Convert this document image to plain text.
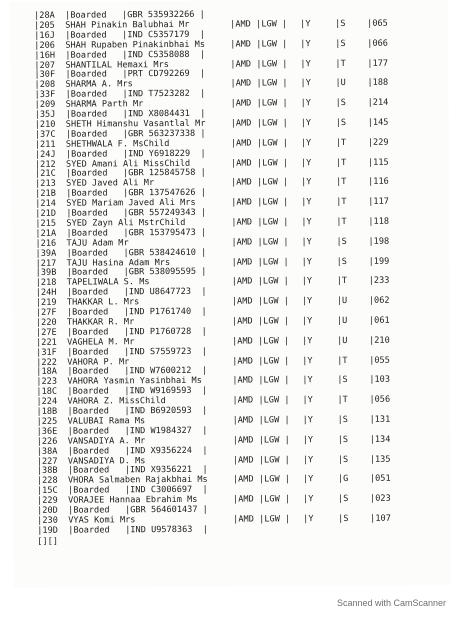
|28A  |Boarded   |GBR 535932266 |
|205  SHAH Pinakin Balubhai Mr	|AMD |LGW | |Y	|S	|065
|16J  |Boarded   |IND C5357179  |
|206  SHAH Rupaben Pinakinbhai Ms	|AMD |LGW | |Y	|S	|066
|16H  |Boarded   |IND C5358088  |
|207  SHANTILAL Hemaxi Mrs	|AMD |LGW | |Y	|T	|177
|30F  |Boarded   |PRT CD792269  |
|208  SHARMA A. Mrs	|AMD |LGW | |Y	|U	|188
|33F  |Boarded   |IND T7523282  |
|209  SHARMA Parth Mr	|AMD |LGW | |Y	|S	|214
|35J  |Boarded   |IND X8084431  |
|210  SHETH Himanshu Vasantlal Mr	|AMD |LGW | |Y	|S	|145
|37C  |Boarded   |GBR 563237338 |
|211  SHETHWALA F. MsChild	|AMD |LGW | |Y	|T	|229
|24J  |Boarded   |IND Y6918229  |
|212  SYED Amani Ali MissChild	|AMD |LGW | |Y	|T	|115
|21C  |Boarded   |GBR 125845758 |
|213  SYED Javed Ali Mr	|AMD |LGW | |Y	|T	|116
|21B  |Boarded   |GBR 137547626 |
|214  SYED Mariam Javed Ali Mrs	|AMD |LGW | |Y	|T	|117
|21D  |Boarded   |GBR 557249343 |
|215  SYED Zayn Ali MstrChild	|AMD |LGW | |Y	|T	|118
|21A  |Boarded   |GBR 153795473 |
|216  TAJU Adam Mr	|AMD |LGW | |Y	|S	|198
|39A  |Boarded   |GBR 538424610 |
|217  TAJU Hasina Adam Mrs	|AMD |LGW | |Y	|S	|199
|39B  |Boarded   |GBR 538095595 |
|218  TAPELIWALA S. Ms	|AMD |LGW | |Y	|T	|233
|24H  |Boarded   |IND U8647723  |
|219  THAKKAR L. Mrs	|AMD |LGW | |Y	|U	|062
|27F  |Boarded   |IND P1761740  |
|220  THAKKAR R. Mr	|AMD |LGW | |Y	|U	|061
|27E  |Boarded   |IND P1760728  |
|221  VAGHELA M. Mr	|AMD |LGW | |Y	|U	|210
|31F  |Boarded   |IND S7559723  |
|222  VAHORA P. Mr	|AMD |LGW | |Y	|T	|055
|18A  |Boarded   |IND W7600212  |
|223  VAHORA Yasmin Yasinbhai Ms	|AMD |LGW | |Y	|S	|103
|18C  |Boarded   |IND W9169593  |
|224  VAHORA Z. MissChild	|AMD |LGW | |Y	|T	|056
|18B  |Boarded   |IND B6920593  |
|225  VALUBAI Rama Ms	|AMD |LGW | |Y	|S	|131
|36E  |Boarded   |IND W1984327  |
|226  VANSADIYA A. Mr	|AMD |LGW | |Y	|S	|134
|38A  |Boarded   |IND X9356224  |
|227  VANSADIYA D. Ms	|AMD |LGW | |Y	|S	|135
|38B  |Boarded   |IND X9356221  |
|228  VHORA Salmaben Rajakbhai Ms	|AMD |LGW | |Y	|G	|051
|15C  |Boarded   |IND C3006697  |
|229  VORAJEE Hannaa Ebrahim Ms	|AMD |LGW | |Y	|S	|023
|20D  |Boarded   |GBR 564601437 |
|230  VYAS Komi Mrs	|AMD |LGW | |Y	|S	|107
|19D  |Boarded   |IND U9578363  |
[][]
Scanned with CamScanner
